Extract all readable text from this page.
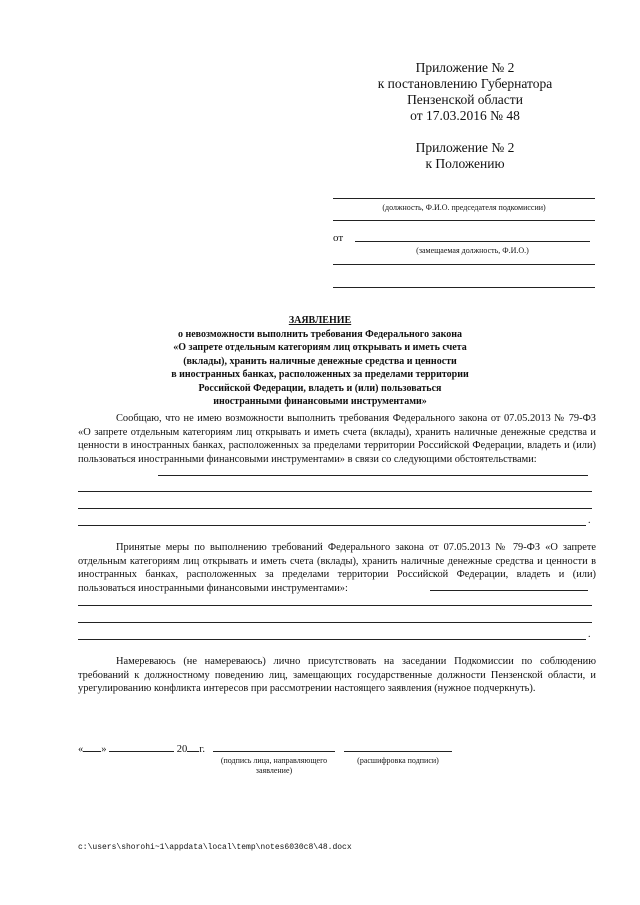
Приложение № 2
к постановлению Губернатора
Пензенской области
от 17.03.2016 № 48
Приложение № 2
к Положению
(должность, Ф.И.О. председателя подкомиссии)
от
(замещаемая должность, Ф.И.О.)
ЗАЯВЛЕНИЕ
о невозможности выполнить требования Федерального закона
«О запрете отдельным категориям лиц открывать и иметь счета
(вклады), хранить наличные денежные средства и ценности
в иностранных банках, расположенных за пределами территории
Российской Федерации, владеть и (или) пользоваться
иностранными финансовыми инструментами»
Сообщаю, что не имею возможности выполнить требования Федерального закона от 07.05.2013 № 79-ФЗ «О запрете отдельным категориям лиц открывать и иметь счета (вклады), хранить наличные денежные средства и ценности в иностранных банках, расположенных за пределами территории Российской Федерации, владеть и (или) пользоваться иностранными финансовыми инструментами» в связи со следующими обстоятельствами:
.
Принятые меры по выполнению требований Федерального закона от 07.05.2013 № 79-ФЗ «О запрете отдельным категориям лиц открывать и иметь счета (вклады), хранить наличные денежные средства и ценности в иностранных банках, расположенных за пределами территории Российской Федерации, владеть и (или) пользоваться иностранными финансовыми инструментами»:
.
Намереваюсь (не намереваюсь) лично присутствовать на заседании Подкомиссии по соблюдению требований к должностному поведению лиц, замещающих государственные должности Пензенской области, и урегулированию конфликта интересов при рассмотрении настоящего заявления (нужное подчеркнуть).
« »	20 г.
(подпись лица, направляющего заявление)
(расшифровка подписи)
c:\users\shorohi~1\appdata\local\temp\notes6030c8\48.docx
